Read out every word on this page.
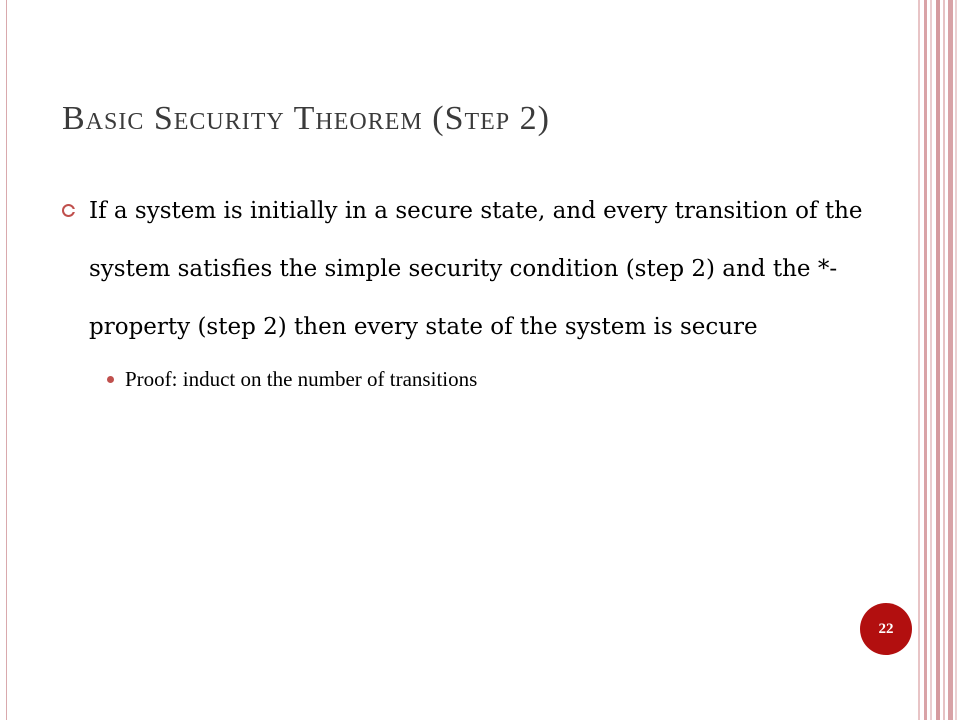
Basic Security Theorem (Step 2)
If a system is initially in a secure state, and every transition of the system satisfies the simple security condition (step 2) and the *-property (step 2) then every state of the system is secure
Proof: induct on the number of transitions
22
